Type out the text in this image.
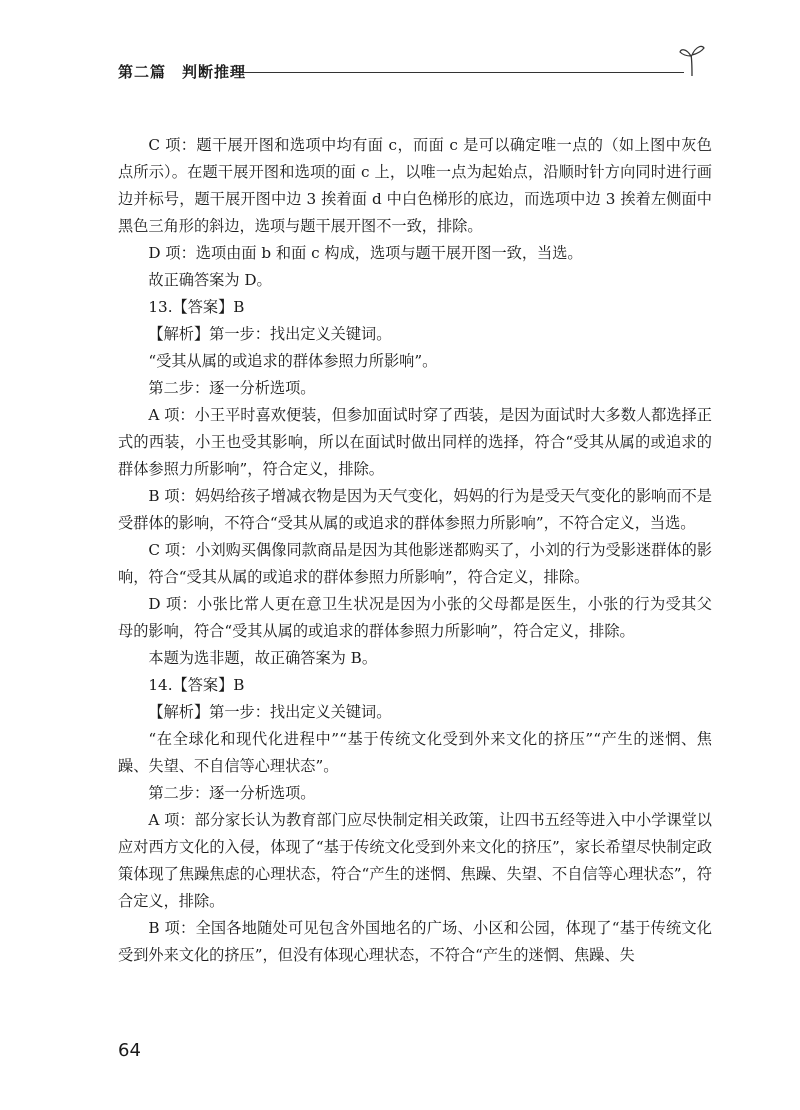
第二篇　判断推理

C 项：题干展开图和选项中均有面 c，而面 c 是可以确定唯一点的（如上图中灰色点所示）。在题干展开图和选项的面 c 上，以唯一点为起始点，沿顺时针方向同时进行画边并标号，题干展开图中边 3 挨着面 d 中白色梯形的底边，而选项中边 3 挨着左侧面中黑色三角形的斜边，选项与题干展开图不一致，排除。

D 项：选项由面 b 和面 c 构成，选项与题干展开图一致，当选。

故正确答案为 D。

13.【答案】B

【解析】第一步：找出定义关键词。

“受其从属的或追求的群体参照力所影响”。

第二步：逐一分析选项。

A 项：小王平时喜欢便装，但参加面试时穿了西装，是因为面试时大多数人都选择正式的西装，小王也受其影响，所以在面试时做出同样的选择，符合“受其从属的或追求的群体参照力所影响”，符合定义，排除。

B 项：妈妈给孩子增减衣物是因为天气变化，妈妈的行为是受天气变化的影响而不是受群体的影响，不符合“受其从属的或追求的群体参照力所影响”，不符合定义，当选。

C 项：小刘购买偶像同款商品是因为其他影迷都购买了，小刘的行为受影迷群体的影响，符合“受其从属的或追求的群体参照力所影响”，符合定义，排除。

D 项：小张比常人更在意卫生状况是因为小张的父母都是医生，小张的行为受其父母的影响，符合“受其从属的或追求的群体参照力所影响”，符合定义，排除。

本题为选非题，故正确答案为 B。

14.【答案】B

【解析】第一步：找出定义关键词。

“在全球化和现代化进程中”“基于传统文化受到外来文化的挤压”“产生的迷惘、焦躁、失望、不自信等心理状态”。

第二步：逐一分析选项。

A 项：部分家长认为教育部门应尽快制定相关政策，让四书五经等进入中小学课堂以应对西方文化的入侵，体现了“基于传统文化受到外来文化的挤压”，家长希望尽快制定政策体现了焦躁焦虑的心理状态，符合“产生的迷惘、焦躁、失望、不自信等心理状态”，符合定义，排除。

B 项：全国各地随处可见包含外国地名的广场、小区和公园，体现了“基于传统文化受到外来文化的挤压”，但没有体现心理状态，不符合“产生的迷惘、焦躁、失

64
